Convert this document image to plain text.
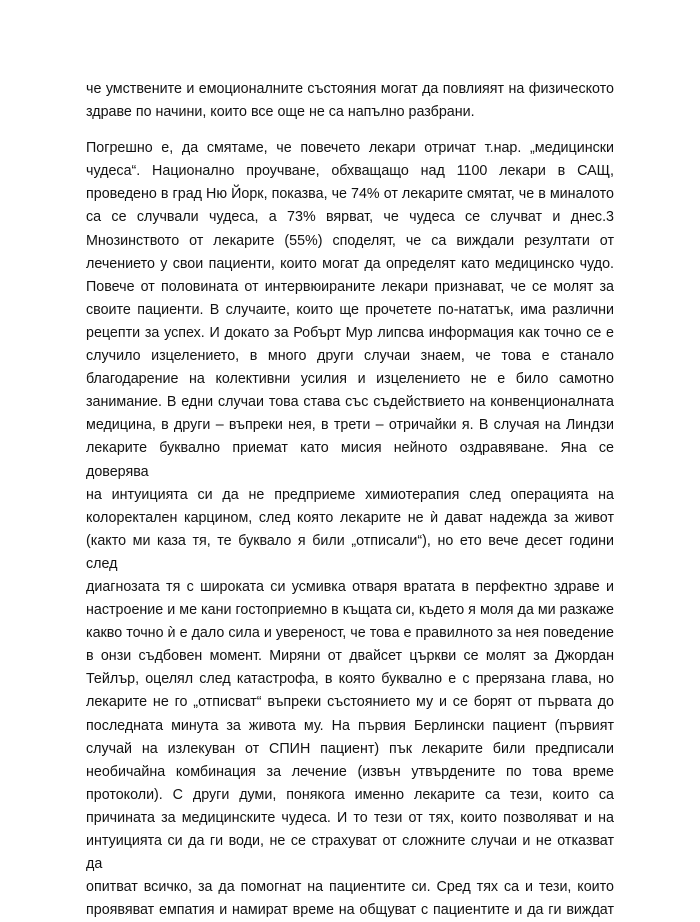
че умствените и емоционалните състояния могат да повлияят на физическото
здраве по начини, които все още не са напълно разбрани.

Погрешно е, да смятаме, че повечето лекари отричат т.нар. „медицински
чудеса“. Национално проучване, обхващащо над 1100 лекари в САЩ,
проведено в град Ню Йорк, показва, че 74% от лекарите смятат, че в миналото
са се случвали чудеса, а 73% вярват, че чудеса се случват и днес.3
Мнозинството от лекарите (55%) споделят, че са виждали резултати от
лечението у свои пациенти, които могат да определят като медицинско чудо.
Повече от половината от интервюираните лекари признават, че се молят за
своите пациенти. В случаите, които ще прочетете по-нататък, има различни
рецепти за успех. И докато за Робърт Мур липсва информация как точно се е
случило изцелението, в много други случаи знаем, че това е станало
благодарение на колективни усилия и изцелението не е било самотно
занимание. В едни случаи това става със съдействието на конвенционалната
медицина, в други – въпреки нея, в трети – отричайки я. В случая на Линдзи
лекарите буквално приемат като мисия нейното оздравяване. Яна се доверява
на интуицията си да не предприеме химиотерапия след операцията на
колоректален карцином, след която лекарите не ѝ дават надежда за живот
(както ми каза тя, те буквало я били „отписали“), но ето вече десет години след
диагнозата тя с широката си усмивка отваря вратата в перфектно здраве и
настроение и ме кани гостоприемно в къщата си, където я моля да ми разкаже
какво точно ѝ е дало сила и увереност, че това е правилното за нея поведение
в онзи съдбовен момент. Миряни от двайсет църкви се молят за Джордан
Тейлър, оцелял след катастрофа, в която буквално е с прерязана глава, но
лекарите не го „отписват“ въпреки състоянието му и се борят от първата до
последната минута за живота му. На първия Берлински пациент (първият
случай на излекуван от СПИН пациент) пък лекарите били предписали
необичайна комбинация за лечение (извън утвърдените по това време
протоколи). С други думи, понякога именно лекарите са тези, които са
причината за медицинските чудеса. И то тези от тях, които позволяват и на
интуицията си да ги води, не се страхуват от сложните случаи и не отказват да
опитват всичко, за да помогнат на пациентите си. Сред тях са и тези, които
проявяват емпатия и намират време на общуват с пациентите и да ги виждат
